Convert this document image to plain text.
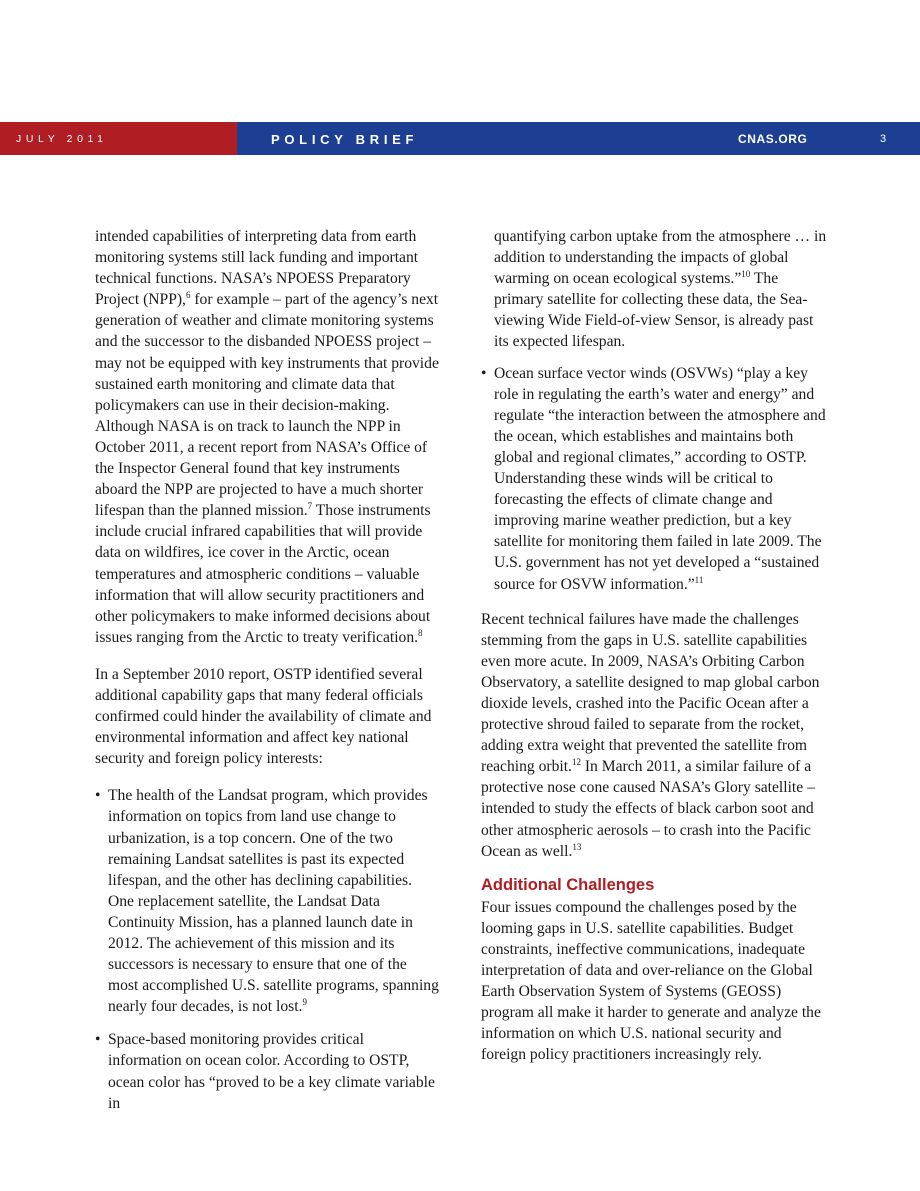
JULY 2011	POLICY BRIEF	CNAS.ORG	3

intended capabilities of interpreting data from earth monitoring systems still lack funding and important technical functions. NASA’s NPOESS Preparatory Project (NPP),$^6$ for example – part of the agency’s next generation of weather and climate monitoring systems and the successor to the disbanded NPOESS project – may not be equipped with key instruments that provide sustained earth monitoring and climate data that policymakers can use in their decision-making. Although NASA is on track to launch the NPP in October 2011, a recent report from NASA’s Office of the Inspector General found that key instruments aboard the NPP are projected to have a much shorter lifespan than the planned mission.$^7$ Those instruments include crucial infrared capabilities that will provide data on wildfires, ice cover in the Arctic, ocean temperatures and atmospheric conditions – valuable information that will allow security practitioners and other policymakers to make informed decisions about issues ranging from the Arctic to treaty verification.$^8$

In a September 2010 report, OSTP identified several additional capability gaps that many federal officials confirmed could hinder the availability of climate and environmental information and affect key national security and foreign policy interests:

• The health of the Landsat program, which provides information on topics from land use change to urbanization, is a top concern. One of the two remaining Landsat satellites is past its expected lifespan, and the other has declining capabilities. One replacement satellite, the Landsat Data Continuity Mission, has a planned launch date in 2012. The achievement of this mission and its successors is necessary to ensure that one of the most accomplished U.S. satellite programs, spanning nearly four decades, is not lost.$^9$
• Space-based monitoring provides critical information on ocean color. According to OSTP, ocean color has “proved to be a key climate variable in

quantifying carbon uptake from the atmosphere … in addition to understanding the impacts of global warming on ocean ecological systems.”$^{10}$ The primary satellite for collecting these data, the Sea-viewing Wide Field-of-view Sensor, is already past its expected lifespan.

• Ocean surface vector winds (OSVWs) “play a key role in regulating the earth’s water and energy” and regulate “the interaction between the atmosphere and the ocean, which establishes and maintains both global and regional climates,” according to OSTP. Understanding these winds will be critical to forecasting the effects of climate change and improving marine weather prediction, but a key satellite for monitoring them failed in late 2009. The U.S. government has not yet developed a “sustained source for OSVW information.”$^{11}$

Recent technical failures have made the challenges stemming from the gaps in U.S. satellite capabilities even more acute. In 2009, NASA’s Orbiting Carbon Observatory, a satellite designed to map global carbon dioxide levels, crashed into the Pacific Ocean after a protective shroud failed to separate from the rocket, adding extra weight that prevented the satellite from reaching orbit.$^{12}$ In March 2011, a similar failure of a protective nose cone caused NASA’s Glory satellite – intended to study the effects of black carbon soot and other atmospheric aerosols – to crash into the Pacific Ocean as well.$^{13}$

Additional Challenges

Four issues compound the challenges posed by the looming gaps in U.S. satellite capabilities. Budget constraints, ineffective communications, inadequate interpretation of data and over-reliance on the Global Earth Observation System of Systems (GEOSS) program all make it harder to generate and analyze the information on which U.S. national security and foreign policy practitioners increasingly rely.
